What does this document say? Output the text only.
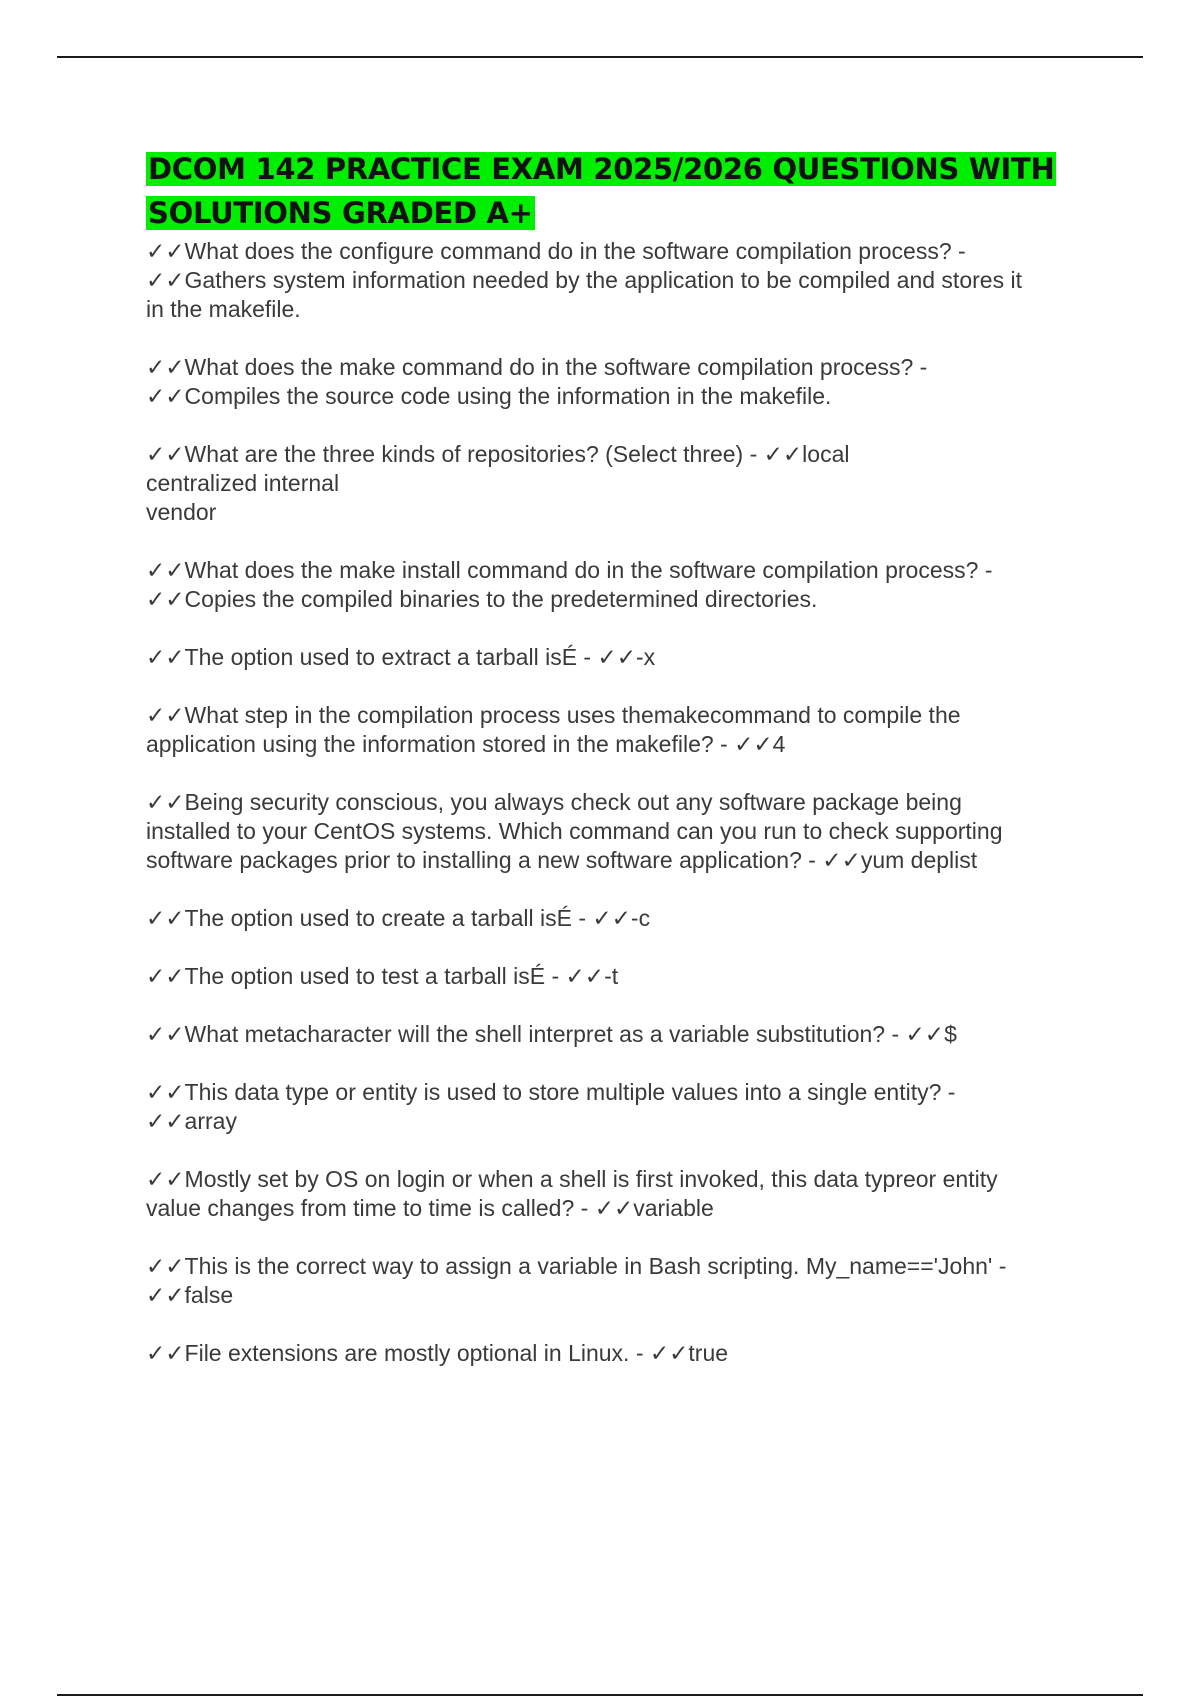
DCOM 142 PRACTICE EXAM 2025/2026 QUESTIONS WITH
SOLUTIONS GRADED A+

✓✓What does the configure command do in the software compilation process? -
✓✓Gathers system information needed by the application to be compiled and stores it
in the makefile.

✓✓What does the make command do in the software compilation process? -
✓✓Compiles the source code using the information in the makefile.

✓✓What are the three kinds of repositories? (Select three) - ✓✓local
centralized internal
vendor

✓✓What does the make install command do in the software compilation process? -
✓✓Copies the compiled binaries to the predetermined directories.

✓✓The option used to extract a tarball isÉ - ✓✓-x

✓✓What step in the compilation process uses themakecommand to compile the
application using the information stored in the makefile? - ✓✓4

✓✓Being security conscious, you always check out any software package being
installed to your CentOS systems. Which command can you run to check supporting
software packages prior to installing a new software application? - ✓✓yum deplist

✓✓The option used to create a tarball isÉ - ✓✓-c

✓✓The option used to test a tarball isÉ - ✓✓-t

✓✓What metacharacter will the shell interpret as a variable substitution? - ✓✓$

✓✓This data type or entity is used to store multiple values into a single entity? -
✓✓array

✓✓Mostly set by OS on login or when a shell is first invoked, this data typreor entity
value changes from time to time is called? - ✓✓variable

✓✓This is the correct way to assign a variable in Bash scripting. My_name=='John' -
✓✓false

✓✓File extensions are mostly optional in Linux. - ✓✓true
